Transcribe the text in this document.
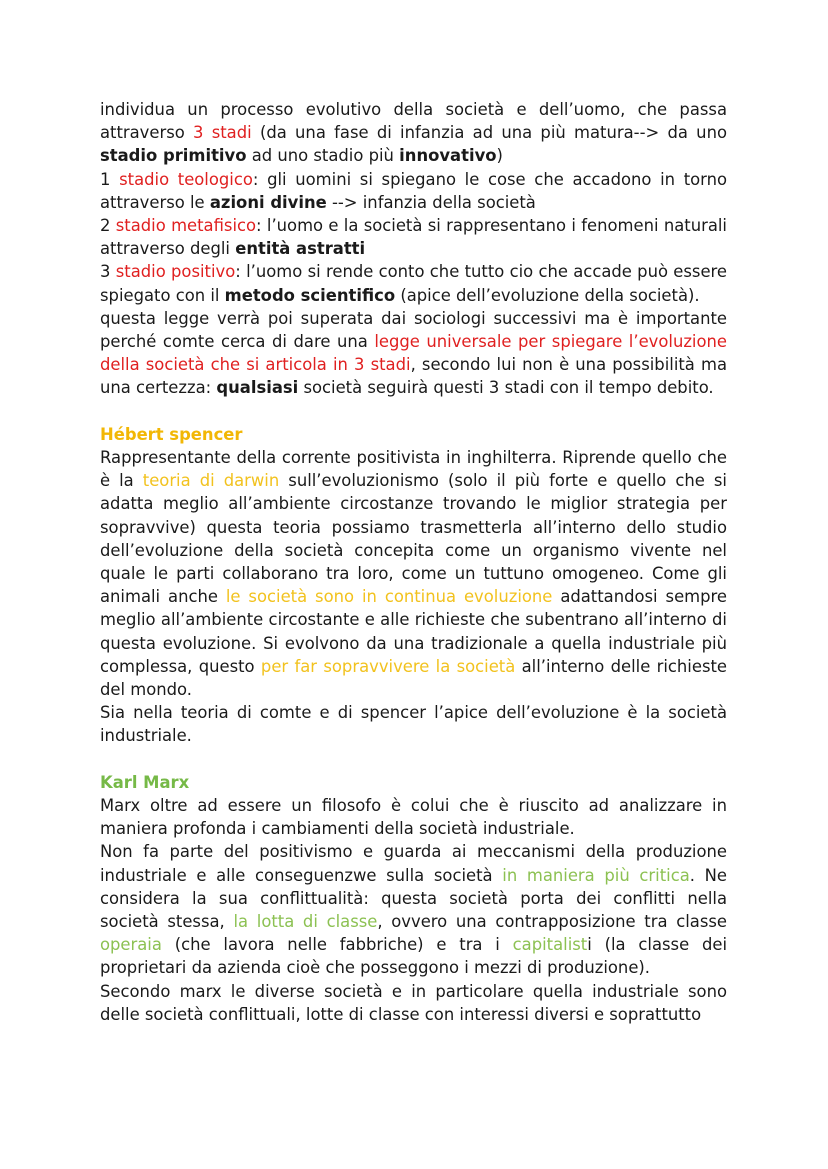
individua un processo evolutivo della società e dell’uomo, che passa attraverso 3 stadi (da una fase di infanzia ad una più matura--> da uno stadio primitivo ad uno stadio più innovativo)

1 stadio teologico: gli uomini si spiegano le cose che accadono in torno attraverso le azioni divine --> infanzia della società

2 stadio metafisico: l’uomo e la società si rappresentano i fenomeni naturali attraverso degli entità astratti

3 stadio positivo: l’uomo si rende conto che tutto cio che accade può essere spiegato con il metodo scientifico (apice dell’evoluzione della società).

questa legge verrà poi superata dai sociologi successivi ma è importante perché comte cerca di dare una legge universale per spiegare l’evoluzione della società che si articola in 3 stadi, secondo lui non è una possibilità ma una certezza: qualsiasi società seguirà questi 3 stadi con il tempo debito.

Hébert spencer

Rappresentante della corrente positivista in inghilterra. Riprende quello che è la teoria di darwin sull’evoluzionismo (solo il più forte e quello che si adatta meglio all’ambiente circostanze trovando le miglior strategia per sopravvive) questa teoria possiamo trasmetterla all’interno dello studio dell’evoluzione della società concepita come un organismo vivente nel quale le parti collaborano tra loro, come un tuttuno omogeneo. Come gli animali anche le società sono in continua evoluzione adattandosi sempre meglio all’ambiente circostante e alle richieste che subentrano all’interno di questa evoluzione. Si evolvono da una tradizionale a quella industriale più complessa, questo per far sopravvivere la società all’interno delle richieste del mondo.

Sia nella teoria di comte e di spencer l’apice dell’evoluzione è la società industriale.

Karl Marx

Marx oltre ad essere un filosofo è colui che è riuscito ad analizzare in maniera profonda i cambiamenti della società industriale.

Non fa parte del positivismo e guarda ai meccanismi della produzione industriale e alle conseguenzwe sulla società in maniera più critica. Ne considera la sua conflittualità: questa società porta dei conflitti nella società stessa, la lotta di classe, ovvero una contrapposizione tra classe operaia (che lavora nelle fabbriche) e tra i capitalisti (la classe dei proprietari da azienda cioè che posseggono i mezzi di produzione).

Secondo marx le diverse società e in particolare quella industriale sono delle società conflittuali, lotte di classe con interessi diversi e soprattutto
